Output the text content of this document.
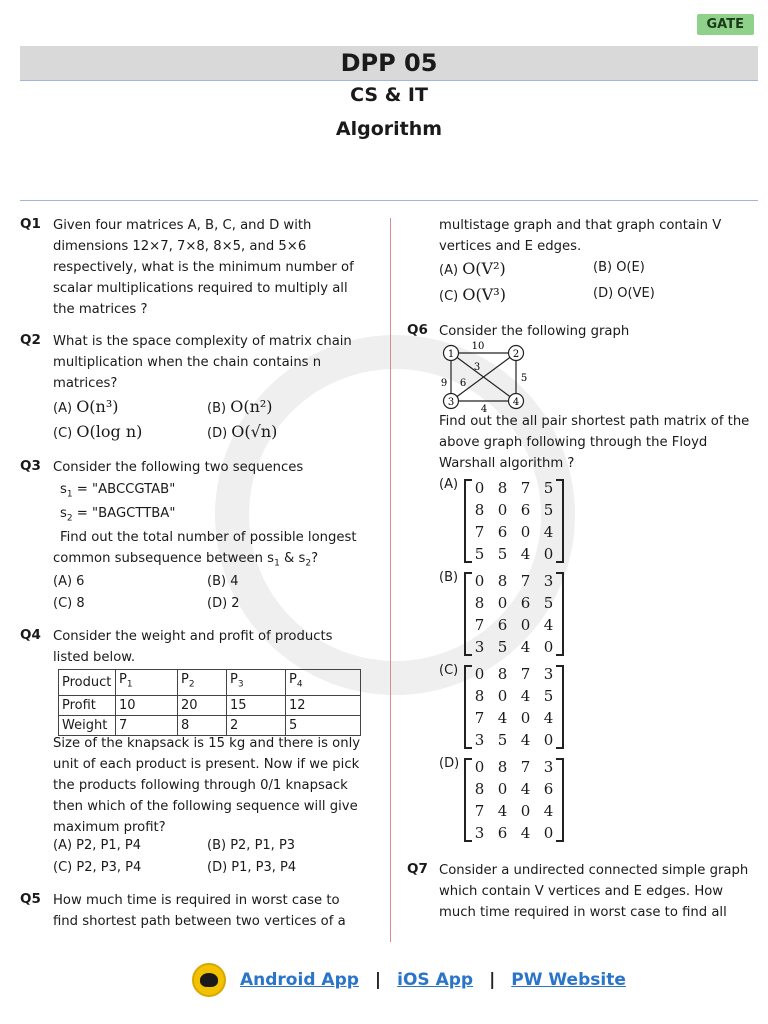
GATE
DPP 05
CS & IT
Algorithm
Q1 Given four matrices A, B, C, and D with
dimensions 12×7, 7×8, 8×5, and 5×6
respectively, what is the minimum number of
scalar multiplications required to multiply all
the matrices ?
Q2 What is the space complexity of matrix chain
multiplication when the chain contains n
matrices?
(A) O(n³)	(B) O(n²)
(C) O(log n)	(D) O(√n)
Q3 Consider the following two sequences
$s_1$ = "ABCCGTAB"
$s_2$ = "BAGCTTBA"
Find out the total number of possible longest
common subsequence between $s_1$ & $s_2$?
(A) 6	(B) 4
(C) 8	(D) 2
Q4 Consider the weight and profit of products
listed below.
Product	$P_1$	$P_2$	$P_3$	$P_4$
Profit	10	20	15	12
Weight	7	8	2	5
Size of the knapsack is 15 kg and there is only
unit of each product is present. Now if we pick
the products following through 0/1 knapsack
then which of the following sequence will give
maximum profit?
(A) P2, P1, P4	(B) P2, P1, P3
(C) P2, P3, P4	(D) P1, P3, P4
Q5 How much time is required in worst case to
find shortest path between two vertices of a
multistage graph and that graph contain V
vertices and E edges.
(A) O(V²)	(B) O(E)
(C) O(V³)	(D) O(VE)
Q6 Consider the following graph
1	2
3	4
10
3
5
9 6
4
Find out the all pair shortest path matrix of the
above graph following through the Floyd
Warshall algorithm ?
(A)	0 8 7 5
8 0 6 5
7 6 0 4
5 5 4 0
(B)	0 8 7 3
8 0 6 5
7 6 0 4
3 5 4 0
(C)	0 8 7 3
8 0 4 5
7 4 0 4
3 5 4 0
(D)	0 8 7 3
8 0 4 6
7 4 0 4
3 6 4 0
Q7 Consider a undirected connected simple graph
which contain V vertices and E edges. How
much time required in worst case to find all
Android App | iOS App | PW Website
